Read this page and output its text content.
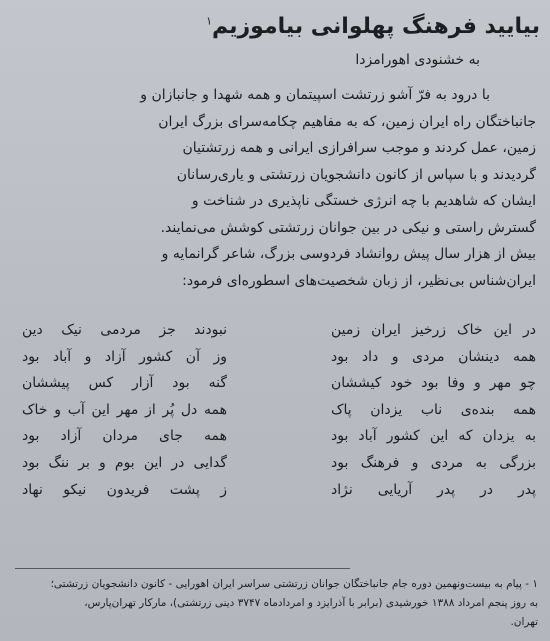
بیایید فرهنگ پهلوانی بیاموزیم$^۱$
به خشنودی اهورامزدا

با درود به فرّ آشو زرتشت اسپیتمان و همه شهدا و جانبازان و

جانباختگان راه ایران زمین، که به مفاهیم چکامه‌سرای بزرگ ایران

زمین، عمل کردند و موجب سرافرازی ایرانی و همه زرتشتیان

گردیدند و با سپاس از کانون دانشجویان زرتشتی و یاری‌رسانان

ایشان که شاهدیم با چه انرژی خستگی ناپذیری در شناخت و

گسترش راستی و نیکی در بین جوانان زرتشتی کوشش می‌نمایند.

بیش از هزار سال پیش روانشاد فردوسی بزرگ، شاعر گرانمایه و

ایران‌شناس بی‌نظیر، از زبان شخصیت‌های اسطوره‌ای فرمود:

در این خاک زرخیز ایران زمین
نبودند جز مردمی نیک دین
همه دینشان مردی و داد بود
وز آن کشور آزاد و آباد بود
چو مهر و وفا بود خود کیششان
گنه بود آزار کس پیششان
همه بنده‌ی ناب یزدان پاک
همه دل پُر از مهر این آب و خاک
به یزدان که این کشور آباد بود
همه جای مردان آزاد بود
بزرگی به مردی و فرهنگ بود
گدایی در این بوم و بر ننگ بود
پدر در پدر آریایی نژاد
ز پشت فریدون نیکو نهاد

۱ - پیام به بیست‌ونهمین دوره جام جانباختگان جوانان زرتشتی سراسر ایران اهورایی - کانون دانشجویان زرتشتی؛

به روز پنجم امرداد ۱۳۸۸ خورشیدی (برابر با آذرایزد و امرداد‌ماه ۳۷۴۷ دینی زرتشتی)، مارکار تهران‌پارس،

تهران.
